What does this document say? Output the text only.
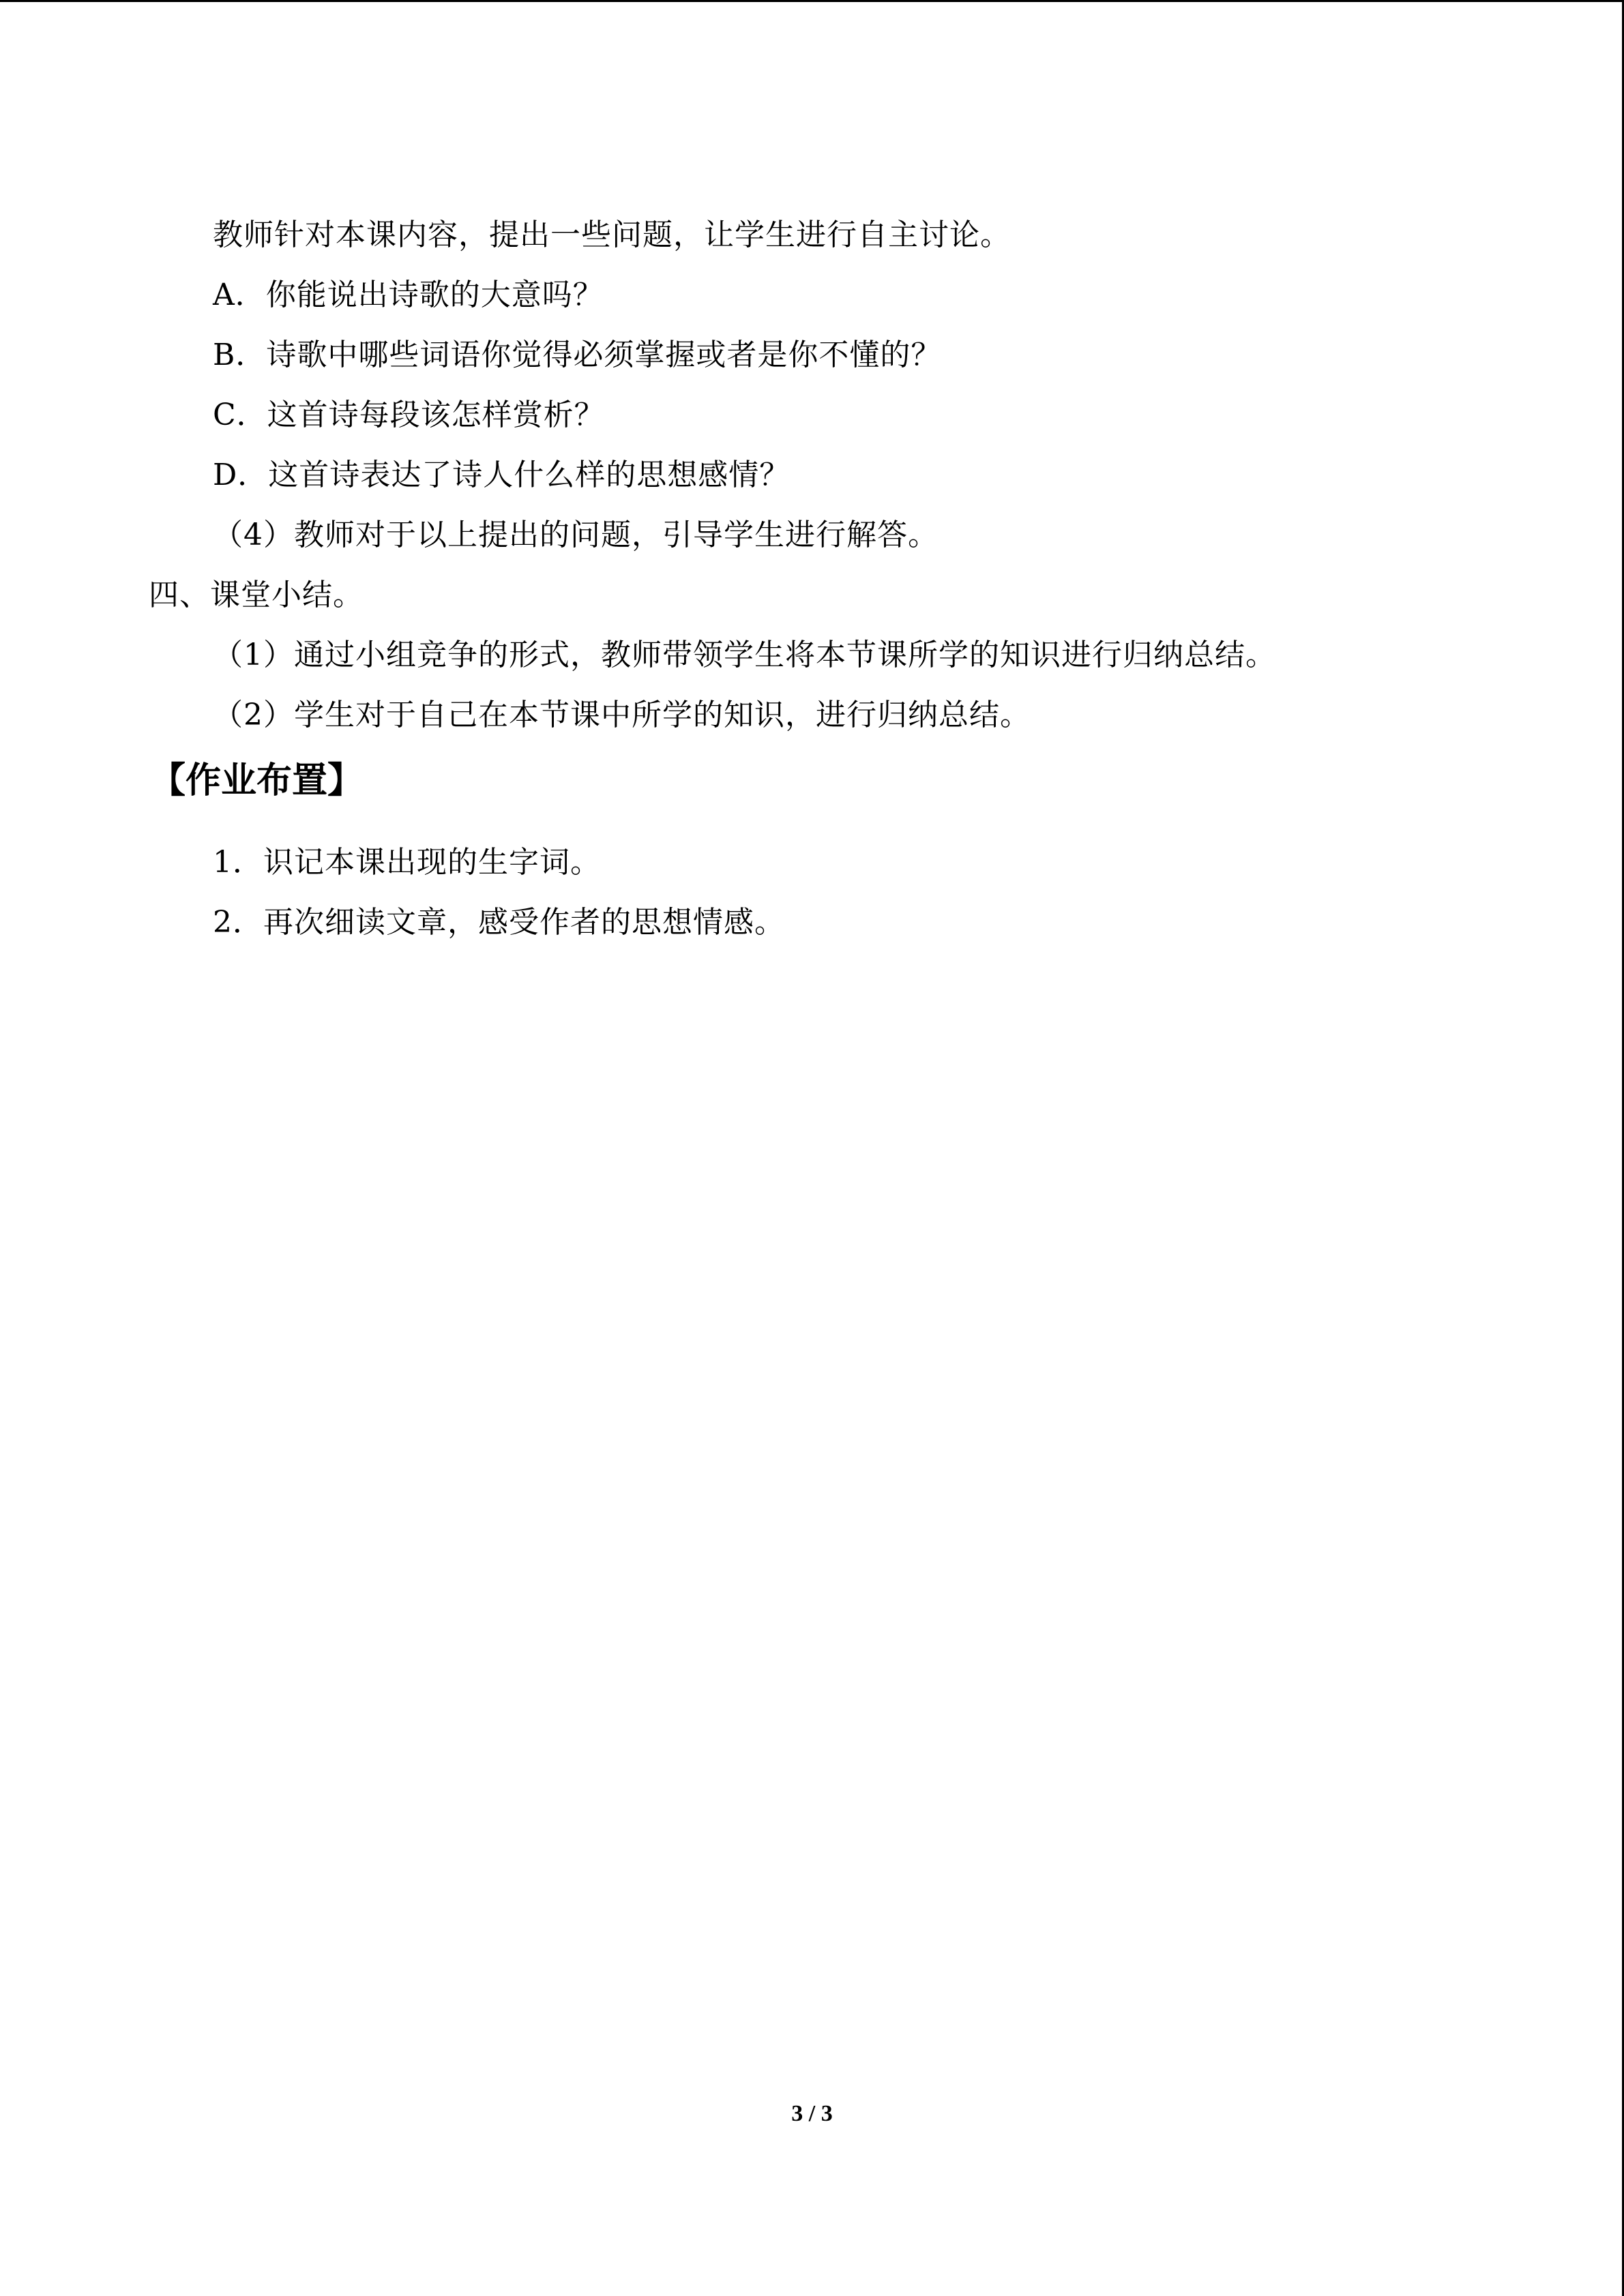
教师针对本课内容，提出一些问题，让学生进行自主讨论。
A．你能说出诗歌的大意吗？
B．诗歌中哪些词语你觉得必须掌握或者是你不懂的？
C．这首诗每段该怎样赏析？
D．这首诗表达了诗人什么样的思想感情？
（4）教师对于以上提出的问题，引导学生进行解答。
四、课堂小结。
（1）通过小组竞争的形式，教师带领学生将本节课所学的知识进行归纳总结。
（2）学生对于自己在本节课中所学的知识，进行归纳总结。
【作业布置】
1．识记本课出现的生字词。
2．再次细读文章，感受作者的思想情感。
3 / 3
